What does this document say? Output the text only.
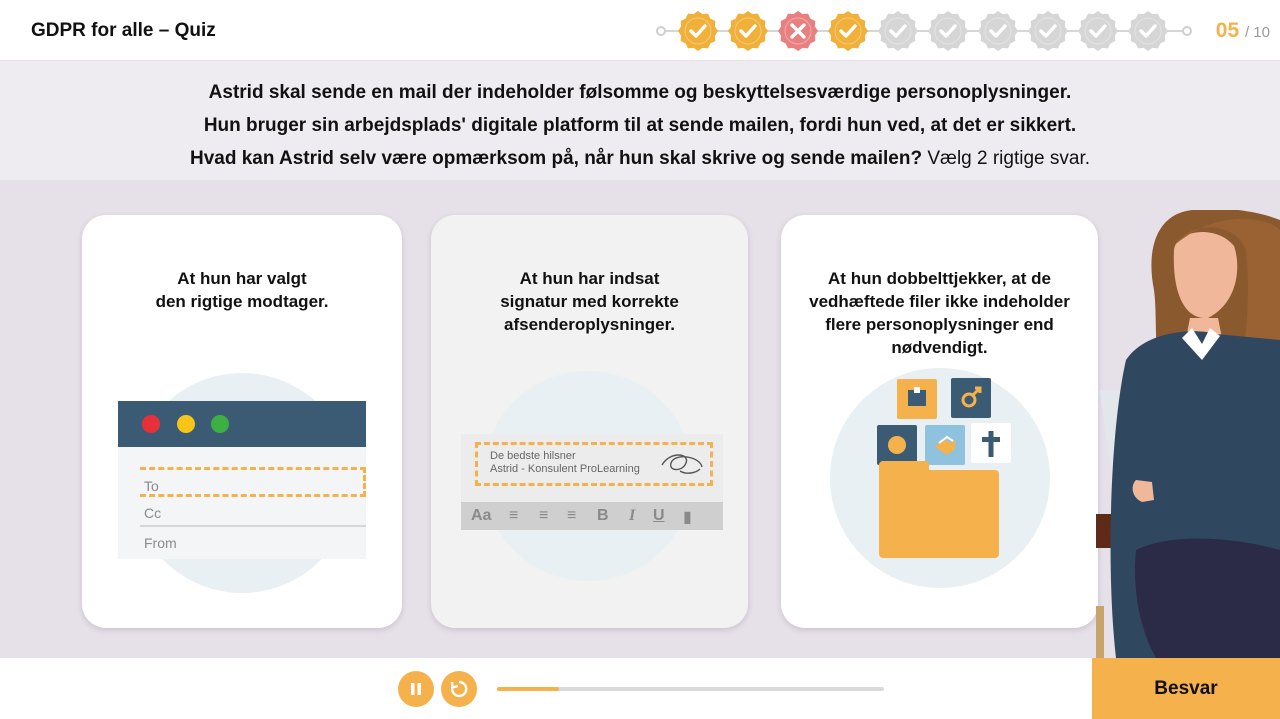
GDPR for alle – Quiz	05 / 10
Astrid skal sende en mail der indeholder følsomme og beskyttelsesværdige personoplysninger.
Hun bruger sin arbejdsplads' digitale platform til at sende mailen, fordi hun ved, at det er sikkert.
Hvad kan Astrid selv være opmærksom på, når hun skal skrive og sende mailen? Vælg 2 rigtige svar.
At hun har valgt
den rigtige modtager.
To
Cc
From
At hun har indsat
signatur med korrekte
afsenderoplysninger.
De bedste hilsner
Astrid - Konsulent ProLearning
Aa ≡ ≡ ≡ B I U ▮
At hun dobbelttjekker, at de
vedhæftede filer ikke indeholder
flere personoplysninger end
nødvendigt.
Besvar
